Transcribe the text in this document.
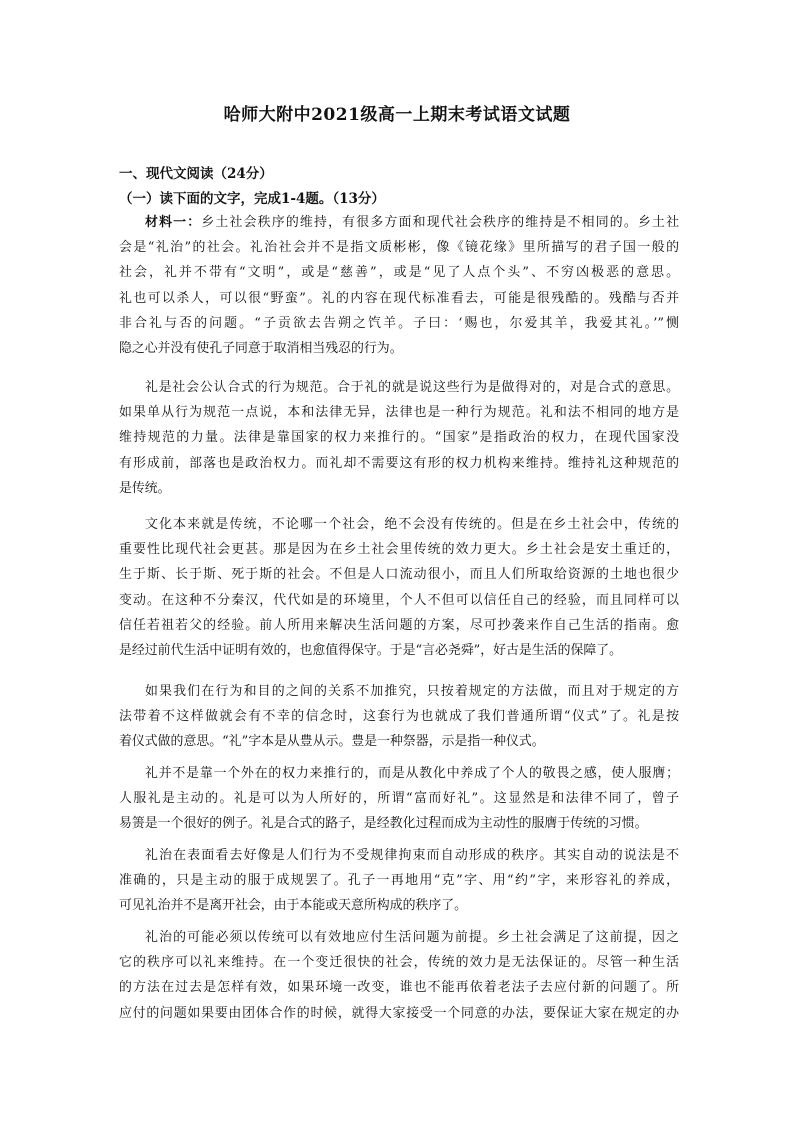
哈师大附中2021级高一上期末考试语文试题
一、现代文阅读（24分）
（一）读下面的文字，完成1-4题。（13分）
材料一：乡土社会秩序的维持，有很多方面和现代社会秩序的维持是不相同的。乡土社
会是“礼治”的社会。礼治社会并不是指文质彬彬，像《镜花缘》里所描写的君子国一般的
社会，礼并不带有“文明”，或是“慈善”，或是“见了人点个头”、不穷凶极恶的意思。
礼也可以杀人，可以很“野蛮”。礼的内容在现代标准看去，可能是很残酷的。残酷与否并
非合礼与否的问题。“子贡欲去告朔之饩羊。子曰：‘赐也，尔爱其羊，我爱其礼。’”恻
隐之心并没有使孔子同意于取消相当残忍的行为。
礼是社会公认合式的行为规范。合于礼的就是说这些行为是做得对的，对是合式的意思。
如果单从行为规范一点说，本和法律无异，法律也是一种行为规范。礼和法不相同的地方是
维持规范的力量。法律是靠国家的权力来推行的。“国家”是指政治的权力，在现代国家没
有形成前，部落也是政治权力。而礼却不需要这有形的权力机构来维持。维持礼这种规范的
是传统。
文化本来就是传统，不论哪一个社会，绝不会没有传统的。但是在乡土社会中，传统的
重要性比现代社会更甚。那是因为在乡土社会里传统的效力更大。乡土社会是安土重迁的，
生于斯、长于斯、死于斯的社会。不但是人口流动很小，而且人们所取给资源的土地也很少
变动。在这种不分秦汉，代代如是的环境里，个人不但可以信任自己的经验，而且同样可以
信任若祖若父的经验。前人所用来解决生活问题的方案，尽可抄袭来作自己生活的指南。愈
是经过前代生活中证明有效的，也愈值得保守。于是“言必尧舜”，好古是生活的保障了。
如果我们在行为和目的之间的关系不加推究，只按着规定的方法做，而且对于规定的方
法带着不这样做就会有不幸的信念时，这套行为也就成了我们普通所谓“仪式”了。礼是按
着仪式做的意思。“礼”字本是从豊从示。豊是一种祭器，示是指一种仪式。
礼并不是靠一个外在的权力来推行的，而是从教化中养成了个人的敬畏之感，使人服膺；
人服礼是主动的。礼是可以为人所好的，所谓“富而好礼”。这显然是和法律不同了，曾子
易箦是一个很好的例子。礼是合式的路子，是经教化过程而成为主动性的服膺于传统的习惯。
礼治在表面看去好像是人们行为不受规律拘束而自动形成的秩序。其实自动的说法是不
准确的，只是主动的服于成规罢了。孔子一再地用“克”字、用“约”字，来形容礼的养成，
可见礼治并不是离开社会，由于本能或天意所构成的秩序了。
礼治的可能必须以传统可以有效地应付生活问题为前提。乡土社会满足了这前提，因之
它的秩序可以礼来维持。在一个变迁很快的社会，传统的效力是无法保证的。尽管一种生活
的方法在过去是怎样有效，如果环境一改变，谁也不能再依着老法子去应付新的问题了。所
应付的问题如果要由团体合作的时候，就得大家接受一个同意的办法，要保证大家在规定的办
